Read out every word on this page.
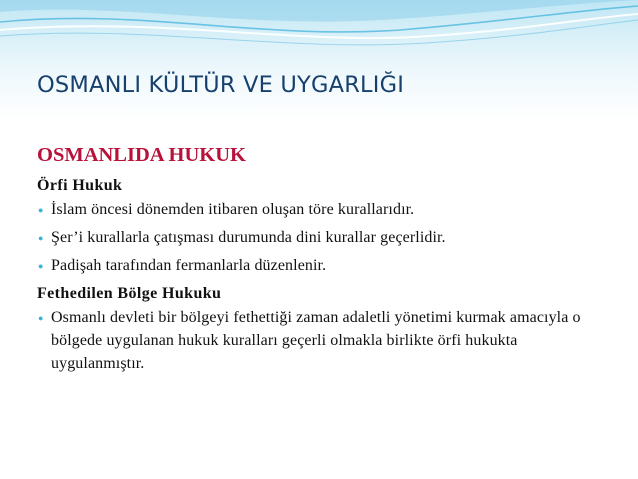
OSMANLI KÜLTÜR VE UYGARLIĞI
OSMANLIDA HUKUK
Örfi Hukuk
● İslam öncesi dönemden itibaren oluşan töre kurallarıdır.
● Şer’i kurallarla çatışması durumunda dini kurallar geçerlidir.
● Padişah tarafından fermanlarla düzenlenir.
Fethedilen Bölge Hukuku
● Osmanlı devleti bir bölgeyi fethettiği zaman adaletli yönetimi kurmak amacıyla o bölgede uygulanan hukuk kuralları geçerli olmakla birlikte örfi hukukta uygulanmıştır.
